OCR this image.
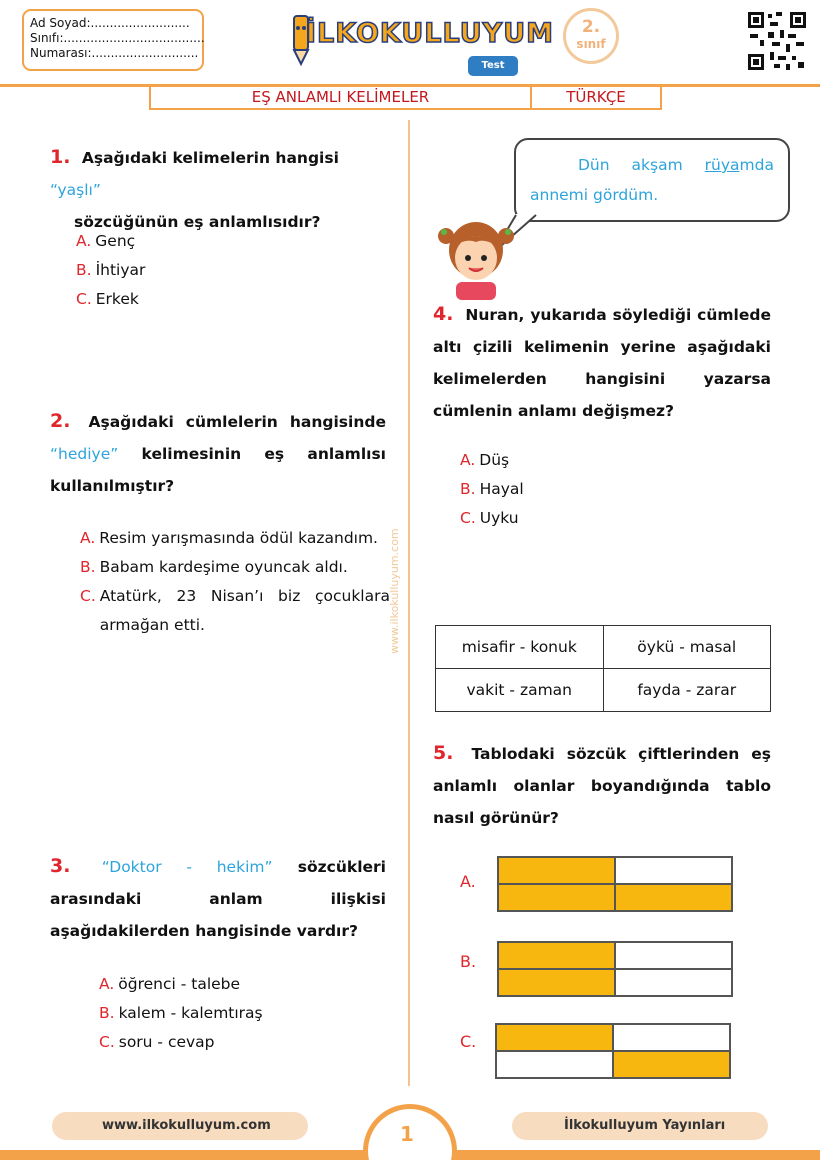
Ad Soyad:..........................
Sınıfı:.....................................
Numarası:............................
İLKOKULLUYUM
Test
2.
sınıf
EŞ ANLAMLI KELİMELER	TÜRKÇE
www.ilkokulluyum.com
1. Aşağıdaki kelimelerin hangisi “yaşlı”
sözcüğünün eş anlamlısıdır?
A. Genç
B. İhtiyar
C. Erkek
2. Aşağıdaki cümlelerin hangisinde “hediye” kelimesinin eş anlamlısı kullanılmıştır?
A. Resim yarışmasında ödül kazandım.
B. Babam kardeşime oyuncak aldı.
C. Atatürk, 23 Nisan’ı biz çocuklara armağan etti.
3. “Doktor - hekim” sözcükleri arasındaki anlam ilişkisi aşağıdakilerden hangisinde vardır?
A. öğrenci - talebe
B. kalem - kalemtıraş
C. soru - cevap
Dün akşam rüyamda annemi gördüm.
4. Nuran, yukarıda söylediği cümlede altı çizili kelimenin yerine aşağıdaki kelimelerden hangisini yazarsa cümlenin anlamı değişmez?
A. Düş
B. Hayal
C. Uyku
misafir - konuk	öykü - masal
vakit - zaman	fayda - zarar
5. Tablodaki sözcük çiftlerinden eş anlamlı olanlar boyandığında tablo nasıl görünür?
A.
B.
C.
www.ilkokulluyum.com	İlkokulluyum Yayınları
1
